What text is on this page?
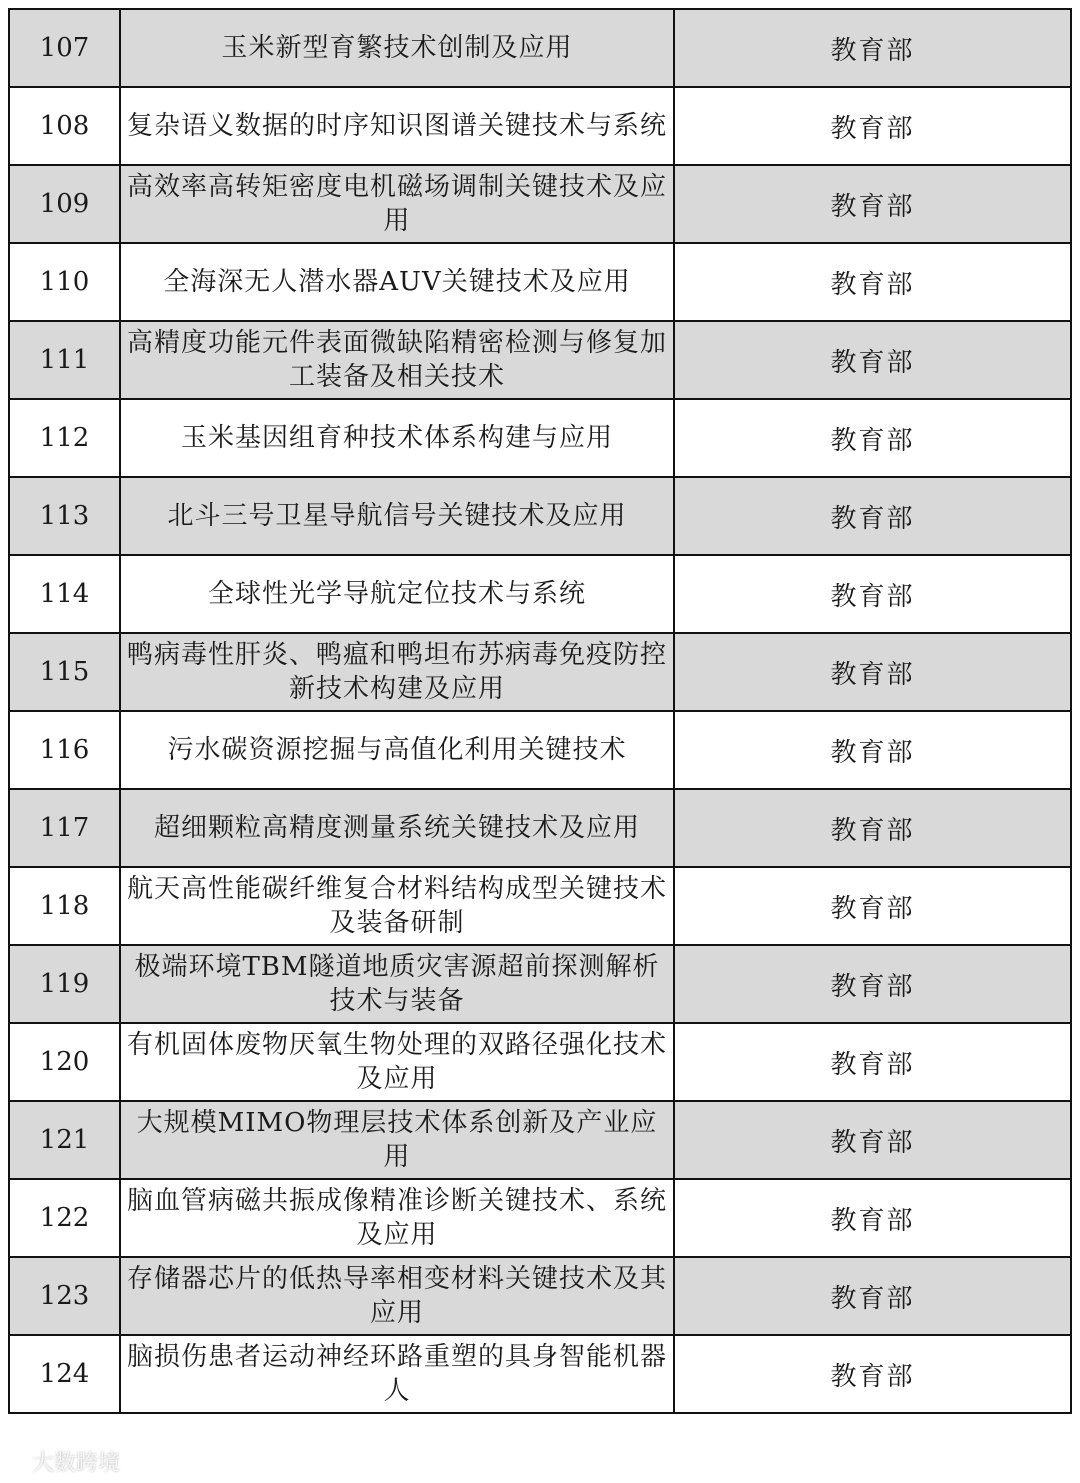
107	玉米新型育繁技术创制及应用	教育部
108	复杂语义数据的时序知识图谱关键技术与系统	教育部
109	高效率高转矩密度电机磁场调制关键技术及应用	教育部
110	全海深无人潜水器AUV关键技术及应用	教育部
111	高精度功能元件表面微缺陷精密检测与修复加工装备及相关技术	教育部
112	玉米基因组育种技术体系构建与应用	教育部
113	北斗三号卫星导航信号关键技术及应用	教育部
114	全球性光学导航定位技术与系统	教育部
115	鸭病毒性肝炎、鸭瘟和鸭坦布苏病毒免疫防控新技术构建及应用	教育部
116	污水碳资源挖掘与高值化利用关键技术	教育部
117	超细颗粒高精度测量系统关键技术及应用	教育部
118	航天高性能碳纤维复合材料结构成型关键技术及装备研制	教育部
119	极端环境TBM隧道地质灾害源超前探测解析技术与装备	教育部
120	有机固体废物厌氧生物处理的双路径强化技术及应用	教育部
121	大规模MIMO物理层技术体系创新及产业应用	教育部
122	脑血管病磁共振成像精准诊断关键技术、系统及应用	教育部
123	存储器芯片的低热导率相变材料关键技术及其应用	教育部
124	脑损伤患者运动神经环路重塑的具身智能机器人	教育部
大数跨境
